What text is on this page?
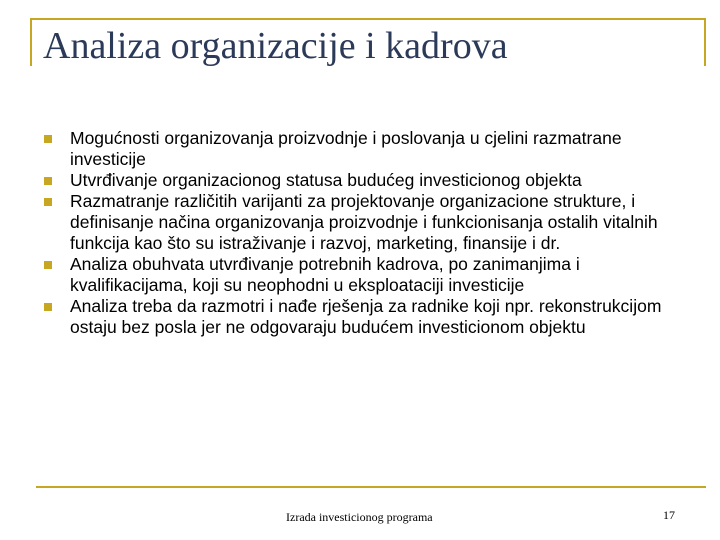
Analiza organizacije i kadrova
Mogućnosti organizovanja proizvodnje i poslovanja u cjelini razmatrane investicije
Utvrđivanje organizacionog statusa budućeg investicionog objekta
Razmatranje različitih varijanti za projektovanje organizacione strukture, i definisanje načina organizovanja proizvodnje i funkcionisanja ostalih vitalnih funkcija kao što su istraživanje i razvoj, marketing, finansije i dr.
Analiza obuhvata utvrđivanje potrebnih kadrova, po zanimanjima i kvalifikacijama, koji su neophodni u eksploataciji investicije
Analiza treba da razmotri i nađe rješenja za radnike koji npr. rekonstrukcijom ostaju bez posla jer ne odgovaraju budućem investicionom objektu
Izrada investicionog programa	17
